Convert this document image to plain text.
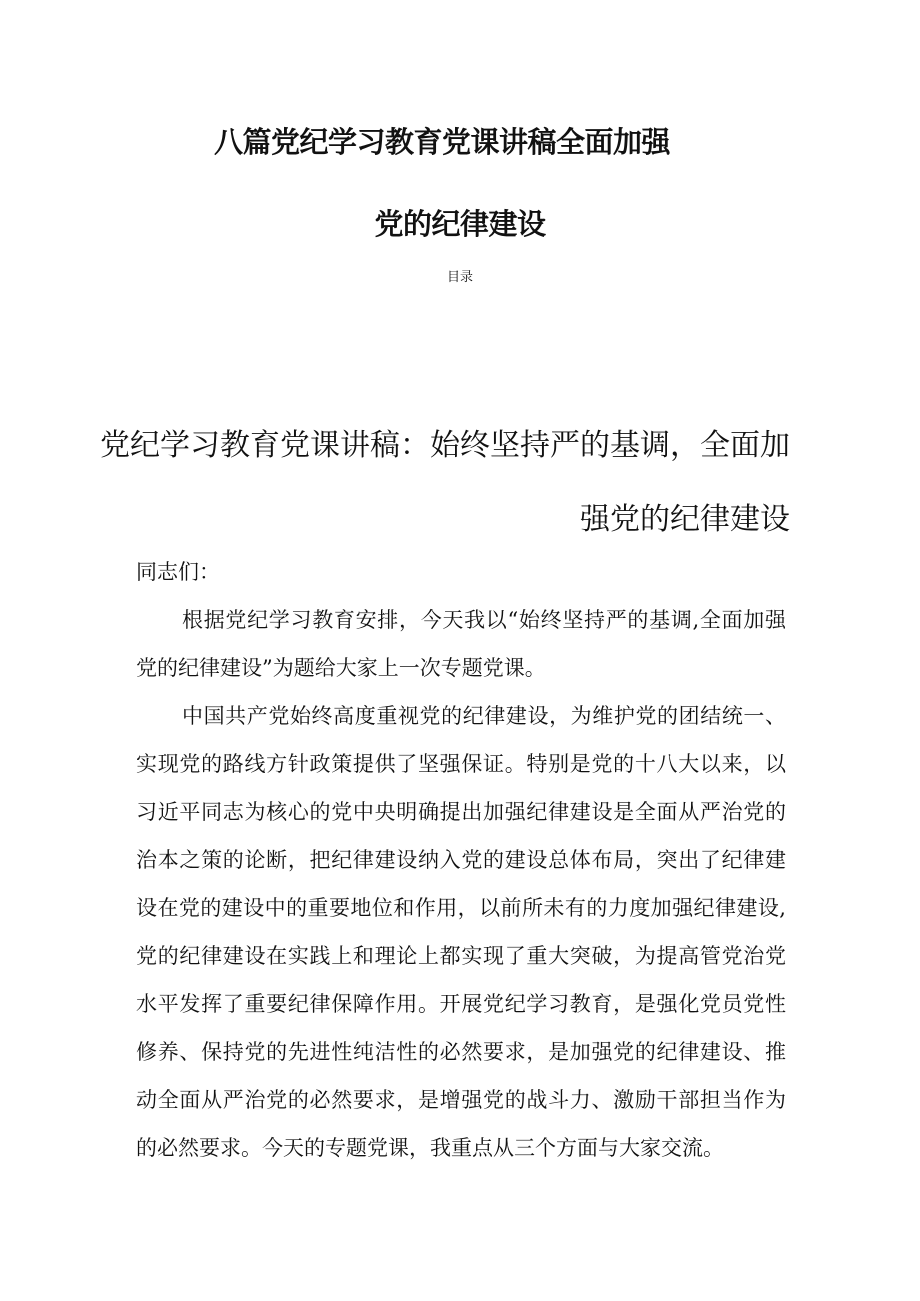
八篇党纪学习教育党课讲稿全面加强
党的纪律建设
目录
党纪学习教育党课讲稿：始终坚持严的基调，全面加
强党的纪律建设

同志们：

根据党纪学习教育安排，今天我以“始终坚持严的基调,全面加强党的纪律建设”为题给大家上一次专题党课。

中国共产党始终高度重视党的纪律建设，为维护党的团结统一、实现党的路线方针政策提供了坚强保证。特别是党的十八大以来，以习近平同志为核心的党中央明确提出加强纪律建设是全面从严治党的治本之策的论断，把纪律建设纳入党的建设总体布局，突出了纪律建设在党的建设中的重要地位和作用，以前所未有的力度加强纪律建设,党的纪律建设在实践上和理论上都实现了重大突破，为提高管党治党水平发挥了重要纪律保障作用。开展党纪学习教育，是强化党员党性修养、保持党的先进性纯洁性的必然要求，是加强党的纪律建设、推动全面从严治党的必然要求，是增强党的战斗力、激励干部担当作为的必然要求。今天的专题党课，我重点从三个方面与大家交流。
